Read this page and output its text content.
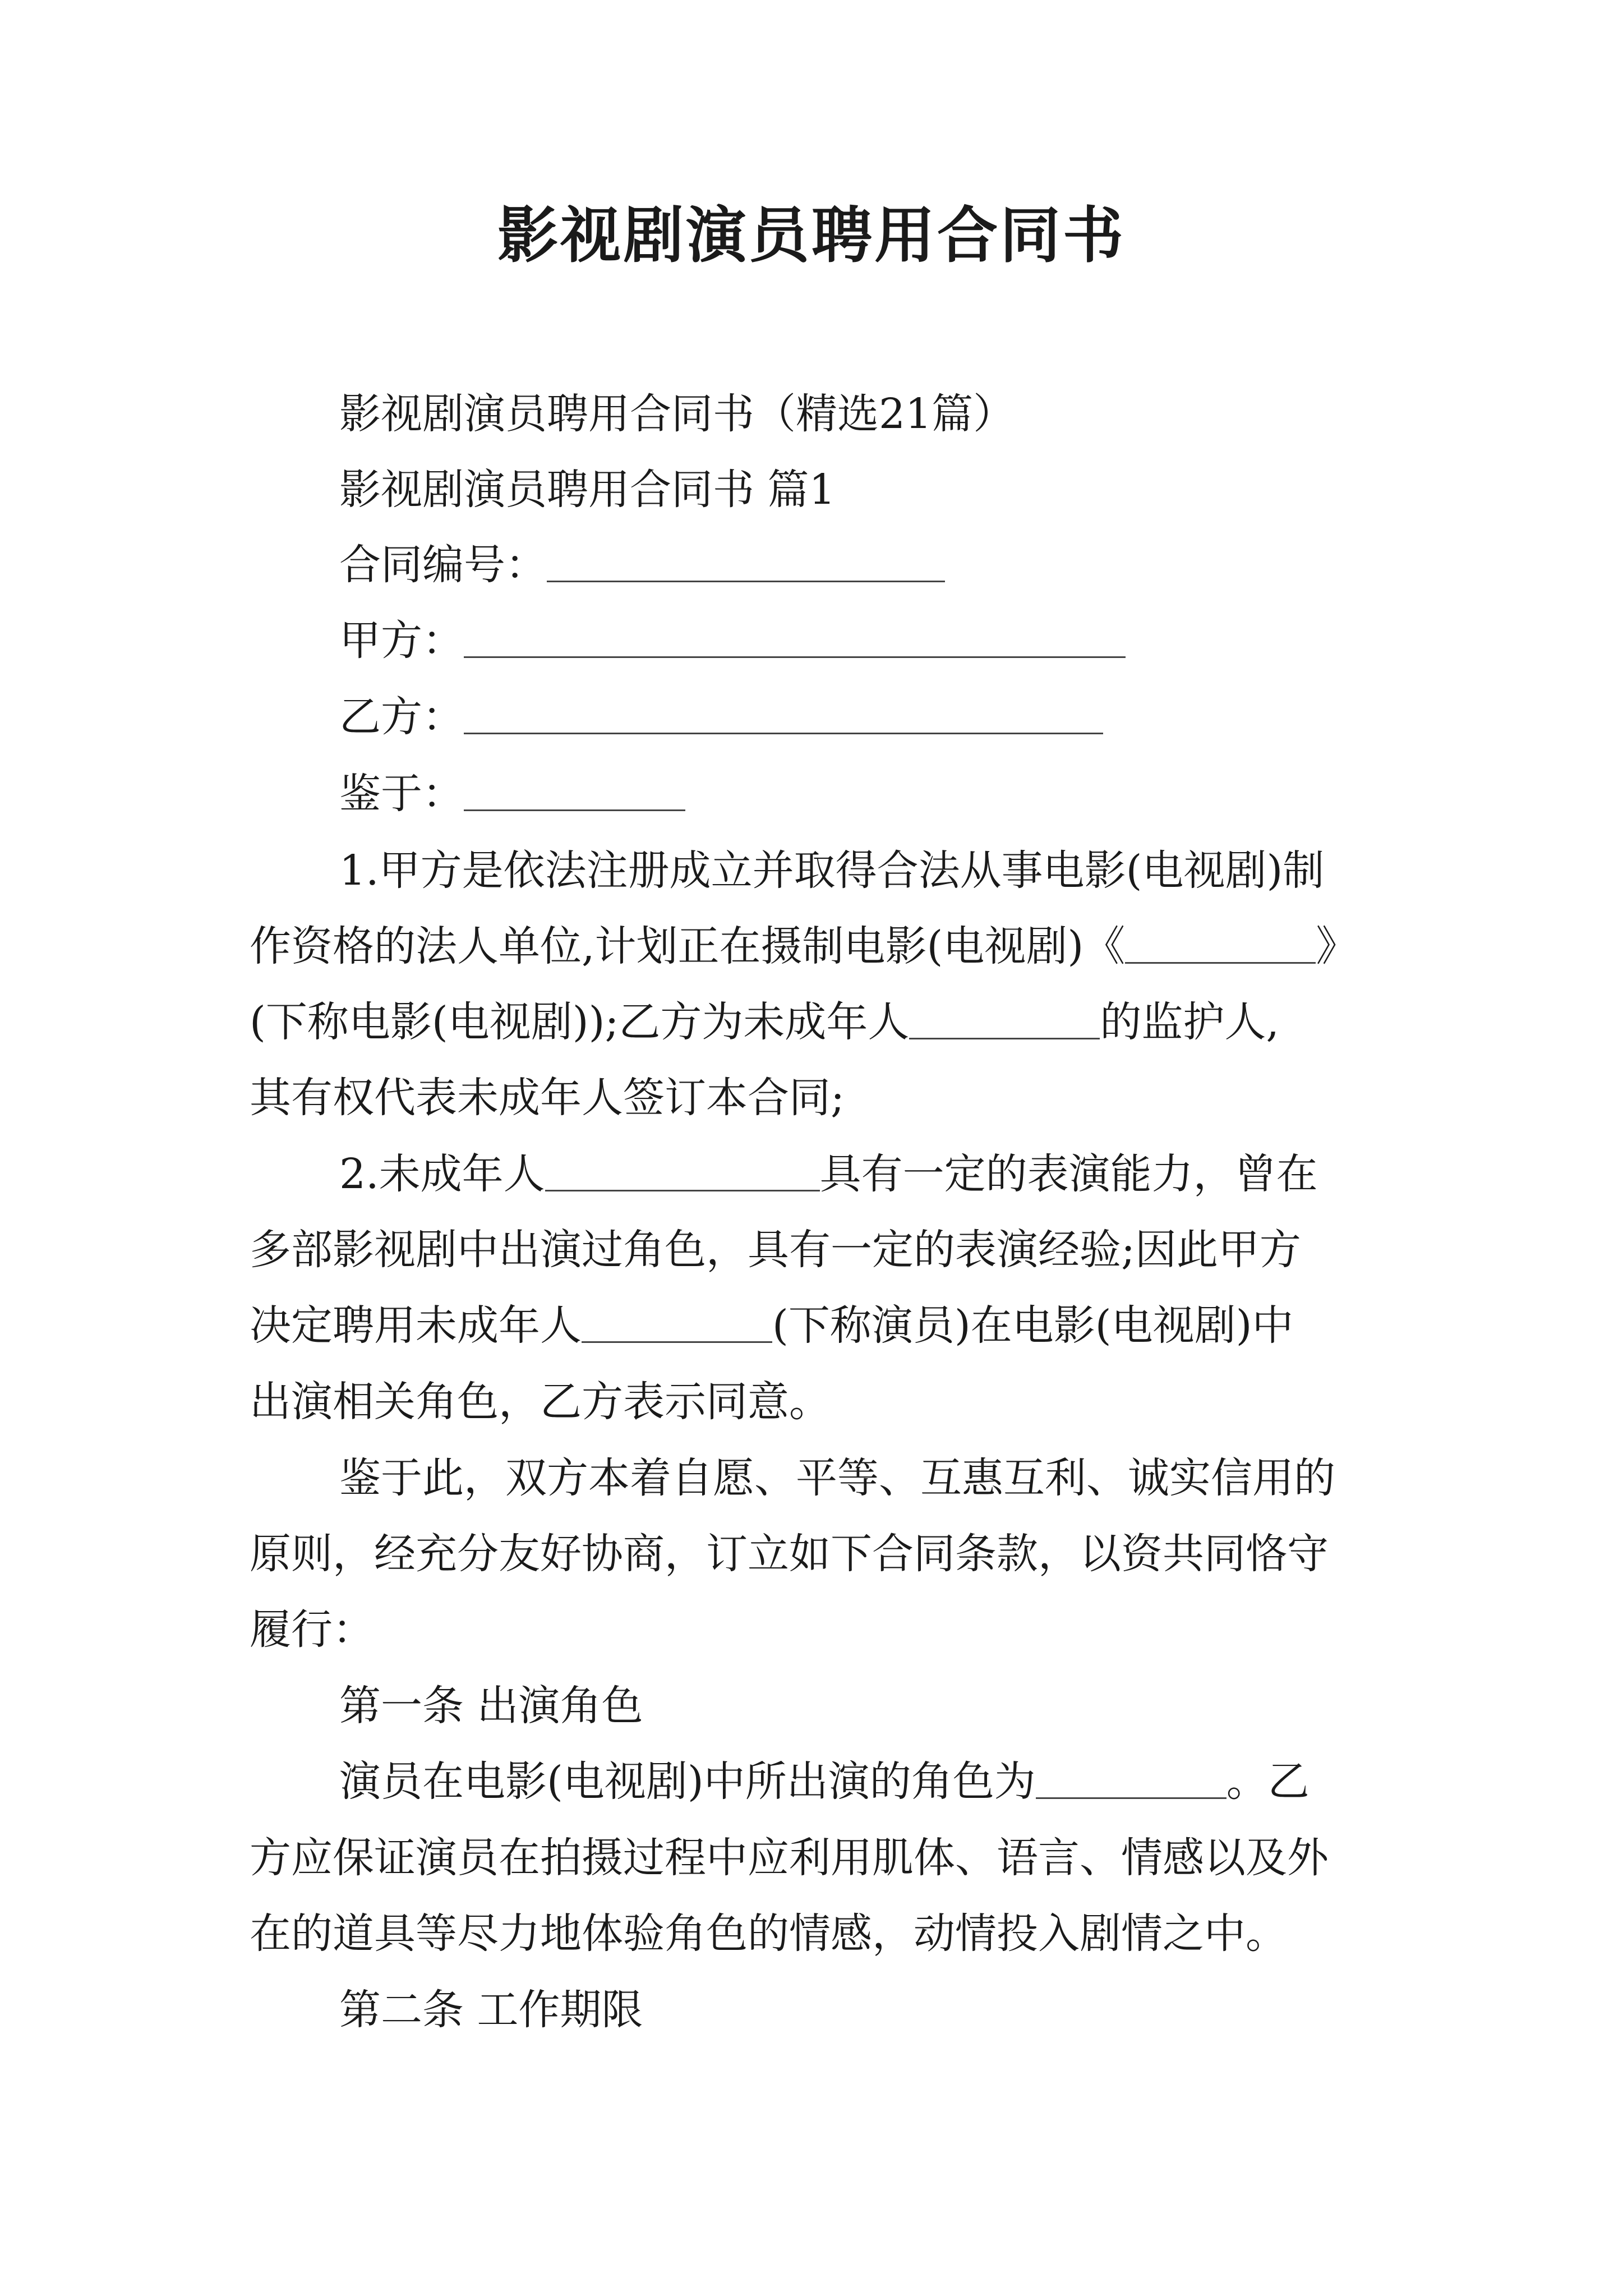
影视剧演员聘用合同书
影视剧演员聘用合同书（精选21篇）
影视剧演员聘用合同书 篇1
合同编号：
甲方：
乙方：
鉴于：
1.甲方是依法注册成立并取得合法从事电影(电视剧)制
作资格的法人单位,计划正在摄制电影(电视剧)《	》
(下称电影(电视剧));乙方为未成年人	的监护人,
其有权代表未成年人签订本合同;
2.未成年人	具有一定的表演能力，曾在
多部影视剧中出演过角色，具有一定的表演经验;因此甲方
决定聘用未成年人	(下称演员)在电影(电视剧)中
出演相关角色，乙方表示同意。
鉴于此，双方本着自愿、平等、互惠互利、诚实信用的
原则，经充分友好协商，订立如下合同条款，以资共同恪守
履行：
第一条 出演角色
演员在电影(电视剧)中所出演的角色为	。乙
方应保证演员在拍摄过程中应利用肌体、语言、情感以及外
在的道具等尽力地体验角色的情感，动情投入剧情之中。
第二条 工作期限
